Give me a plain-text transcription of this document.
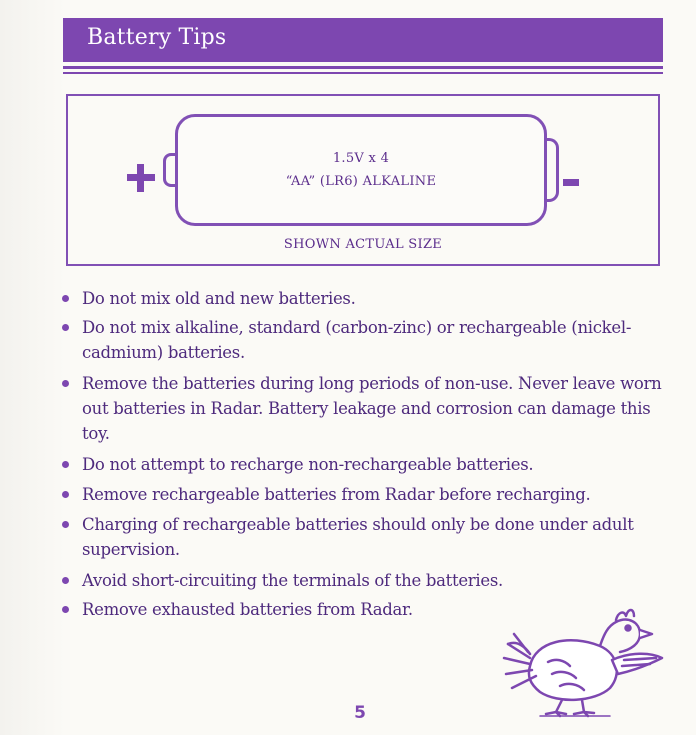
Battery Tips
1.5V x 4
“AA” (LR6) ALKALINE
SHOWN ACTUAL SIZE
Do not mix old and new batteries.
Do not mix alkaline, standard (carbon-zinc) or rechargeable (nickel-cadmium) batteries.
Remove the batteries during long periods of non-use. Never leave worn out batteries in Radar. Battery leakage and corrosion can damage this toy.
Do not attempt to recharge non-rechargeable batteries.
Remove rechargeable batteries from Radar before recharging.
Charging of rechargeable batteries should only be done under adult supervision.
Avoid short-circuiting the terminals of the batteries.
Remove exhausted batteries from Radar.
5
